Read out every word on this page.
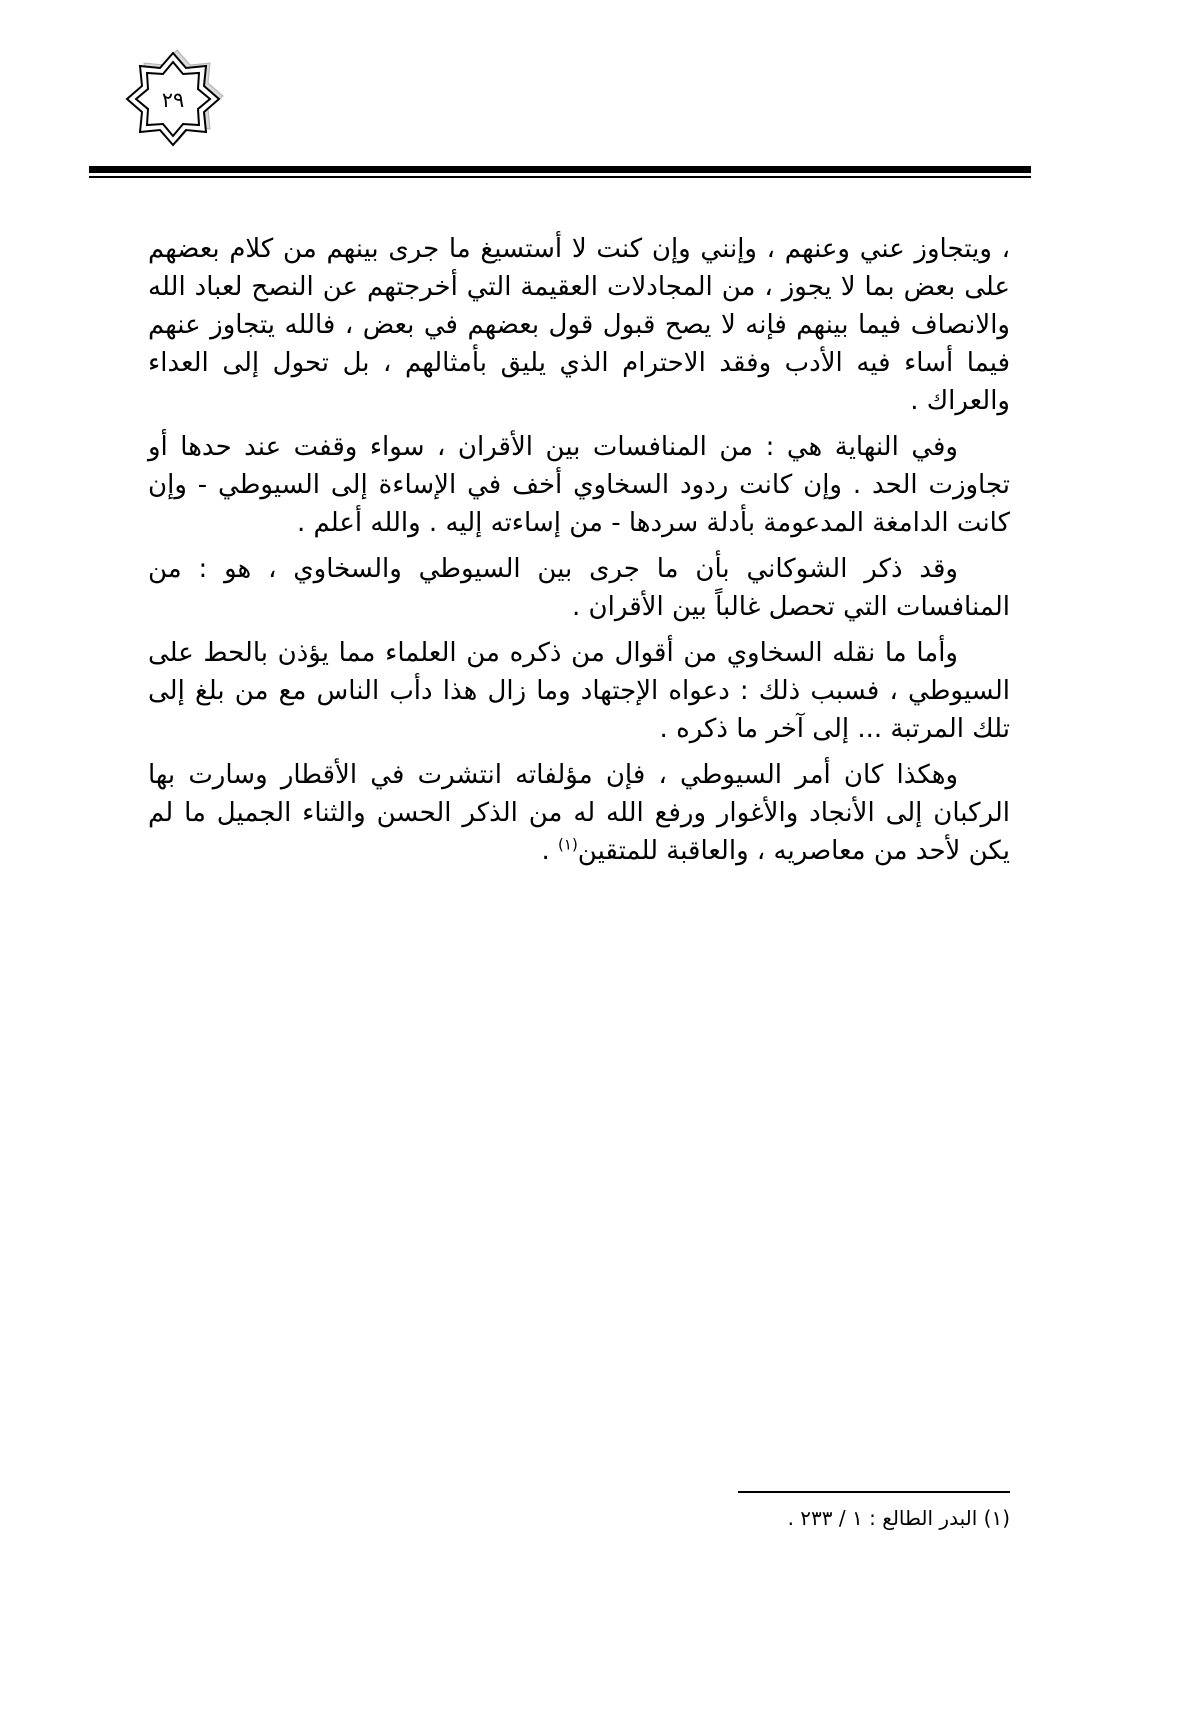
٢٩

، ويتجاوز عني وعنهم ، وإنني وإن كنت لا أستسيغ ما جرى بينهم من كلام بعضهم على بعض بما لا يجوز ، من المجادلات العقيمة التي أخرجتهم عن النصح لعباد الله والانصاف فيما بينهم فإنه لا يصح قبول قول بعضهم في بعض ، فالله يتجاوز عنهم فيما أساء فيه الأدب وفقد الاحترام الذي يليق بأمثالهم ، بل تحول إلى العداء والعراك .

وفي النهاية هي : من المنافسات بين الأقران ، سواء وقفت عند حدها أو تجاوزت الحد . وإن كانت ردود السخاوي أخف في الإساءة إلى السيوطي - وإن كانت الدامغة المدعومة بأدلة سردها - من إساءته إليه . والله أعلم .

وقد ذكر الشوكاني بأن ما جرى بين السيوطي والسخاوي ، هو : من المنافسات التي تحصل غالباً بين الأقران .

وأما ما نقله السخاوي من أقوال من ذكره من العلماء مما يؤذن بالحط على السيوطي ، فسبب ذلك : دعواه الإجتهاد وما زال هذا دأب الناس مع من بلغ إلى تلك المرتبة ... إلى آخر ما ذكره .

وهكذا كان أمر السيوطي ، فإن مؤلفاته انتشرت في الأقطار وسارت بها الركبان إلى الأنجاد والأغوار ورفع الله له من الذكر الحسن والثناء الجميل ما لم يكن لأحد من معاصريه ، والعاقبة للمتقين$^{(١)}$ .

(١) البدر الطالع : ١ / ٢٣٣ .
